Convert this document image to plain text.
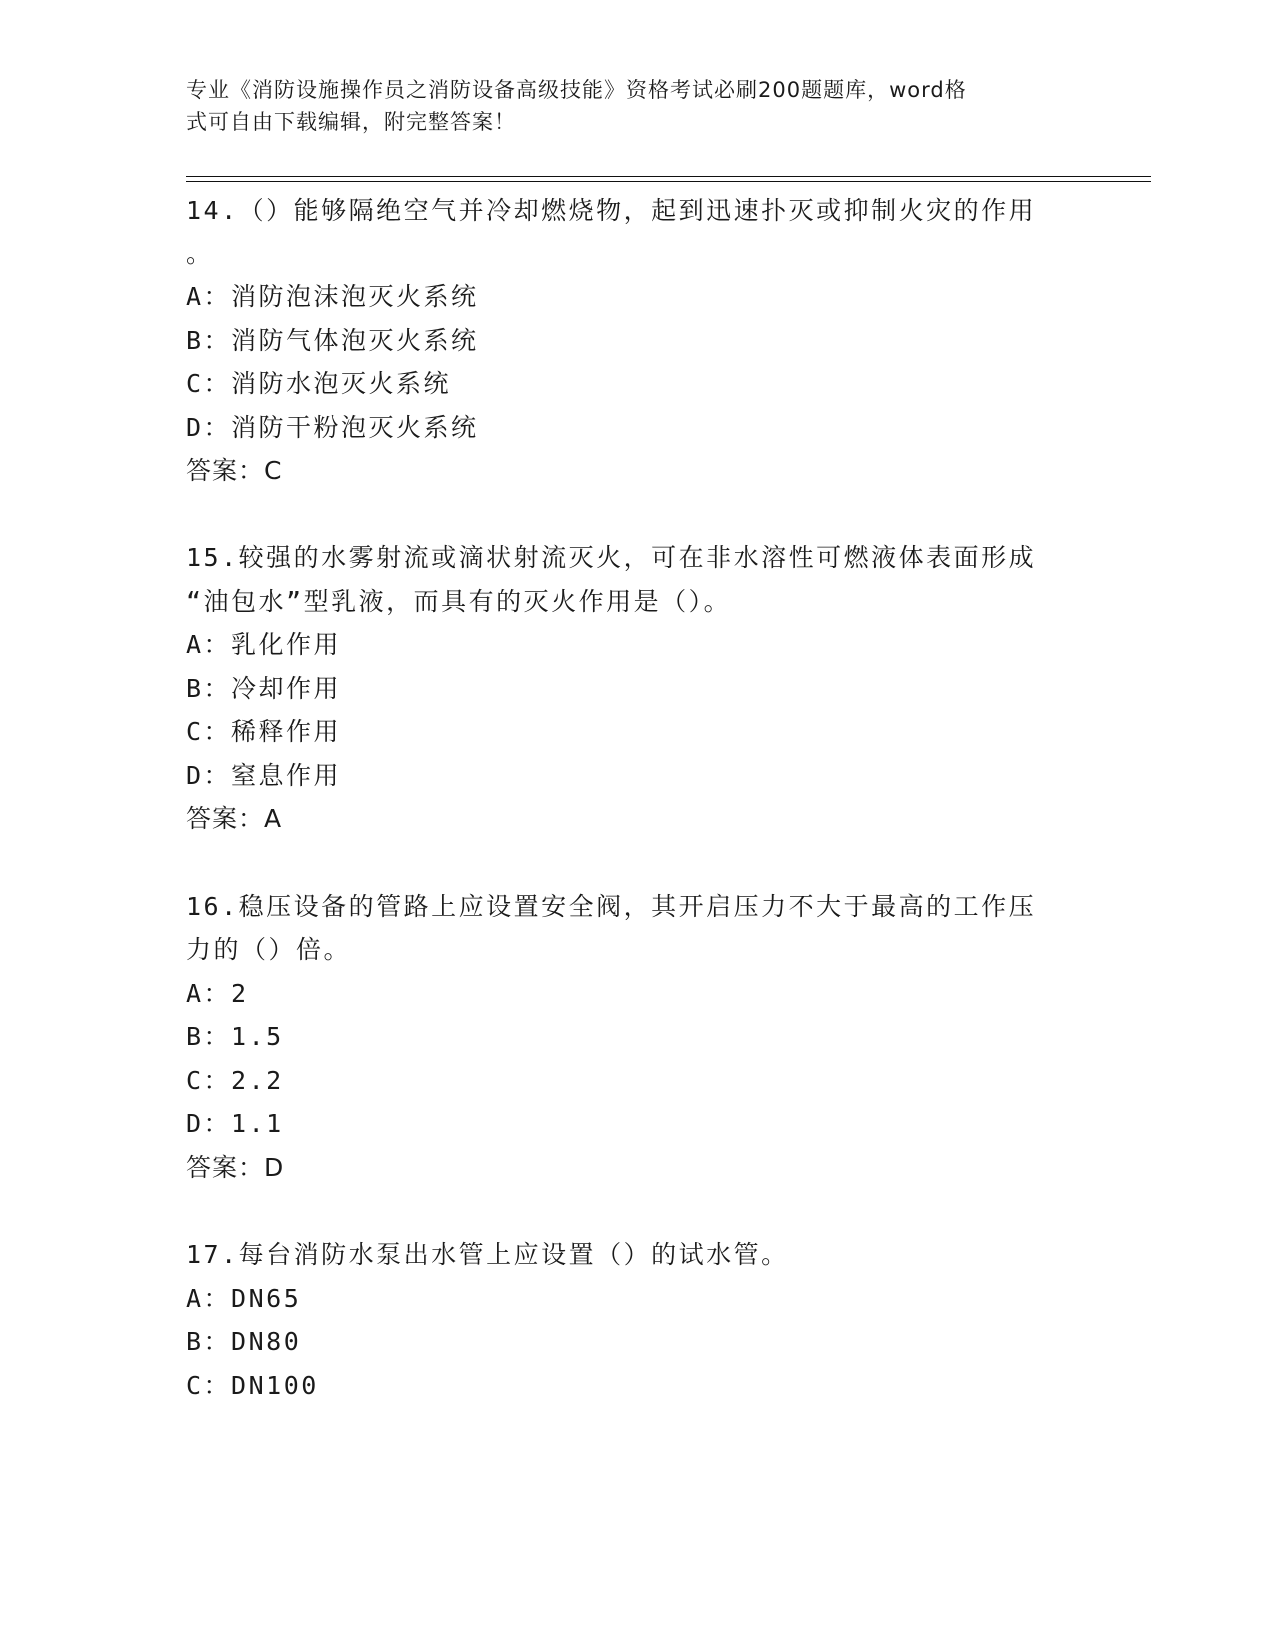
专业《消防设施操作员之消防设备高级技能》资格考试必刷200题题库，word格
式可自由下载编辑，附完整答案！
14.（）能够隔绝空气并冷却燃烧物，起到迅速扑灭或抑制火灾的作用
。
A：消防泡沫泡灭火系统
B：消防气体泡灭火系统
C：消防水泡灭火系统
D：消防干粉泡灭火系统
答案：C
15.较强的水雾射流或滴状射流灭火，可在非水溶性可燃液体表面形成
“油包水”型乳液，而具有的灭火作用是（）。
A：乳化作用
B：冷却作用
C：稀释作用
D：窒息作用
答案：A
16.稳压设备的管路上应设置安全阀，其开启压力不大于最高的工作压
力的（）倍。
A：2
B：1.5
C：2.2
D：1.1
答案：D
17.每台消防水泵出水管上应设置（）的试水管。
A：DN65
B：DN80
C：DN100
